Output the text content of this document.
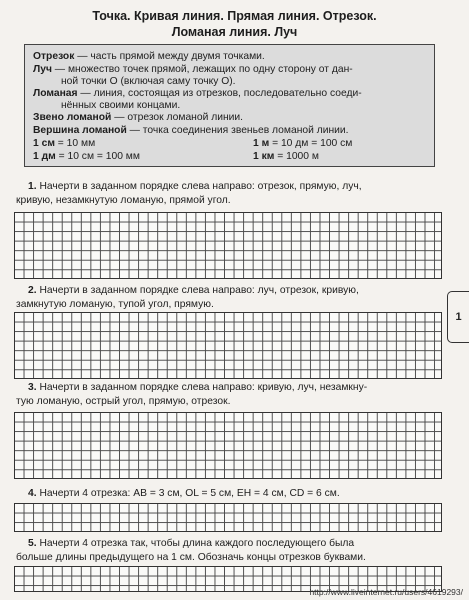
Точка. Кривая линия. Прямая линия. Отрезок.
Ломаная линия. Луч
Отрезок — часть прямой между двумя точками.
Луч — множество точек прямой, лежащих по одну сторону от дан-
ной точки О (включая саму точку О).
Ломаная — линия, состоящая из отрезков, последовательно соеди-
нённых своими концами.
Звено ломаной — отрезок ломаной линии.
Вершина ломаной — точка соединения звеньев ломаной линии.
1 см = 10 мм	1 м = 10 дм = 100 см
1 дм = 10 см = 100 мм	1 км = 1000 м
1. Начерти в заданном порядке слева направо: отрезок, прямую, луч,
кривую, незамкнутую ломаную, прямой угол.
2. Начерти в заданном порядке слева направо: луч, отрезок, кривую,
замкнутую ломаную, тупой угол, прямую.
3. Начерти в заданном порядке слева направо: кривую, луч, незамкну-
тую ломаную, острый угол, прямую, отрезок.
4. Начерти 4 отрезка: AB = 3 см, OL = 5 см, EH = 4 см, CD = 6 см.
5. Начерти 4 отрезка так, чтобы длина каждого последующего была
больше длины предыдущего на 1 см. Обозначь концы отрезков буквами.
1
http://www.liveinternet.ru/users/4619293/
